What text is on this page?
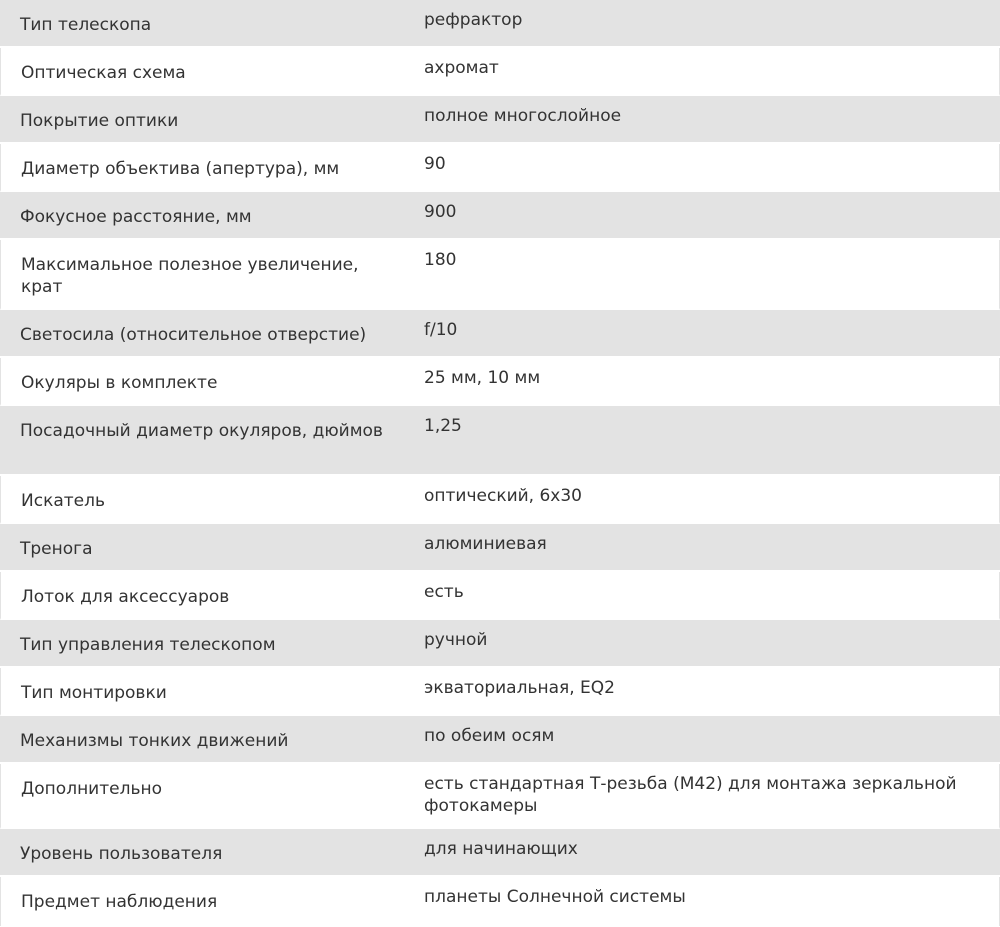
Тип телескопа	рефрактор
Оптическая схема	ахромат
Покрытие оптики	полное многослойное
Диаметр объектива (апертура), мм	90
Фокусное расстояние, мм	900
Максимальное полезное увеличение, крат	180
Светосила (относительное отверстие)	f/10
Окуляры в комплекте	25 мм, 10 мм
Посадочный диаметр окуляров, дюймов	1,25
Искатель	оптический, 6x30
Тренога	алюминиевая
Лоток для аксессуаров	есть
Тип управления телескопом	ручной
Тип монтировки	экваториальная, EQ2
Механизмы тонких движений	по обеим осям
Дополнительно	есть стандартная Т-резьба (М42) для монтажа зеркальной фотокамеры
Уровень пользователя	для начинающих
Предмет наблюдения	планеты Солнечной системы
